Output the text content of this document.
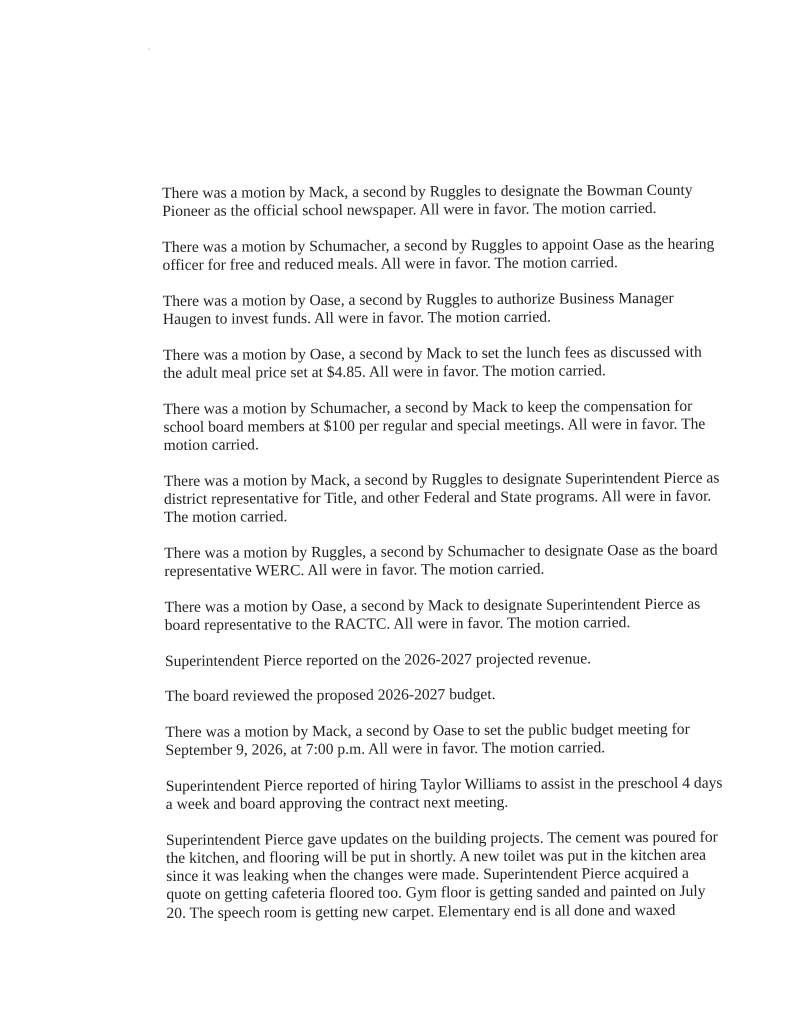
There was a motion by Mack, a second by Ruggles to designate the Bowman County Pioneer as the official school newspaper. All were in favor. The motion carried.

There was a motion by Schumacher, a second by Ruggles to appoint Oase as the hearing officer for free and reduced meals. All were in favor. The motion carried.

There was a motion by Oase, a second by Ruggles to authorize Business Manager Haugen to invest funds. All were in favor. The motion carried.

There was a motion by Oase, a second by Mack to set the lunch fees as discussed with the adult meal price set at $4.85. All were in favor. The motion carried.

There was a motion by Schumacher, a second by Mack to keep the compensation for school board members at $100 per regular and special meetings. All were in favor. The motion carried.

There was a motion by Mack, a second by Ruggles to designate Superintendent Pierce as district representative for Title, and other Federal and State programs. All were in favor. The motion carried.

There was a motion by Ruggles, a second by Schumacher to designate Oase as the board representative WERC. All were in favor. The motion carried.

There was a motion by Oase, a second by Mack to designate Superintendent Pierce as board representative to the RACTC. All were in favor. The motion carried.

Superintendent Pierce reported on the 2026-2027 projected revenue.

The board reviewed the proposed 2026-2027 budget.

There was a motion by Mack, a second by Oase to set the public budget meeting for September 9, 2026, at 7:00 p.m. All were in favor. The motion carried.

Superintendent Pierce reported of hiring Taylor Williams to assist in the preschool 4 days a week and board approving the contract next meeting.

Superintendent Pierce gave updates on the building projects. The cement was poured for the kitchen, and flooring will be put in shortly. A new toilet was put in the kitchen area since it was leaking when the changes were made. Superintendent Pierce acquired a quote on getting cafeteria floored too. Gym floor is getting sanded and painted on July 20. The speech room is getting new carpet. Elementary end is all done and waxed
